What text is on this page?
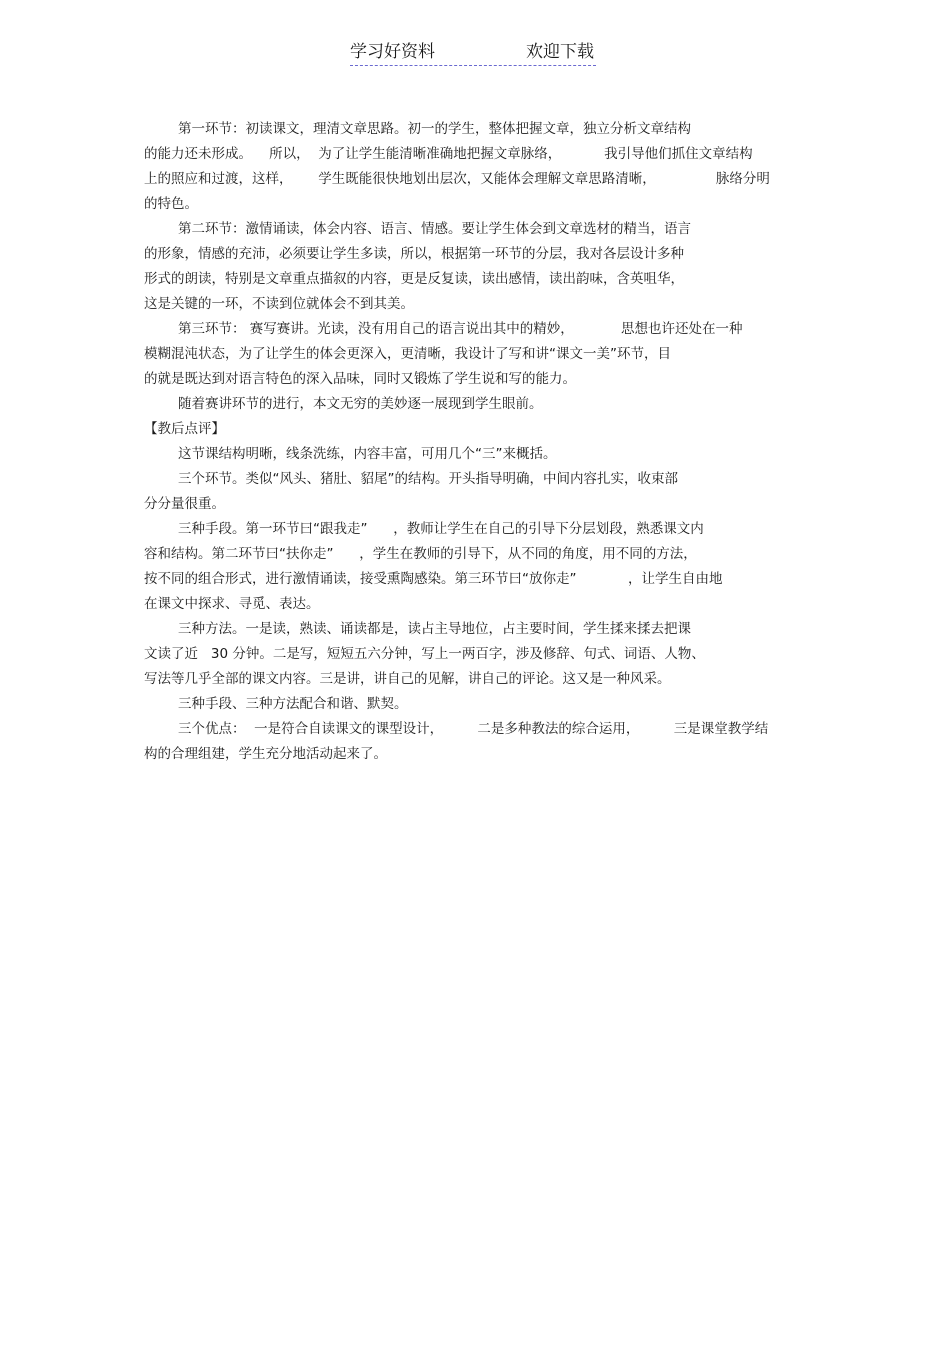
学习好资料	欢迎下载
第一环节：初读课文，理清文章思路。初一的学生，整体把握文章，独立分析文章结构
的能力还未形成。    所以，  为了让学生能清晰准确地把握文章脉络，          我引导他们抓住文章结构
上的照应和过渡，这样，      学生既能很快地划出层次，又能体会理解文章思路清晰，              脉络分明
的特色。
第二环节：激情诵读，体会内容、语言、情感。要让学生体会到文章选材的精当，语言
的形象，情感的充沛，必须要让学生多读，所以，根据第一环节的分层，我对各层设计多种
形式的朗读，特别是文章重点描叙的内容，更是反复读，读出感情，读出韵味，含英咀华，
这是关键的一环，不读到位就体会不到其美。
第三环节： 赛写赛讲。光读，没有用自己的语言说出其中的精妙，           思想也许还处在一种
模糊混沌状态，为了让学生的体会更深入，更清晰，我设计了写和讲“课文一美”环节，目
的就是既达到对语言特色的深入品味，同时又锻炼了学生说和写的能力。
随着赛讲环节的进行，本文无穷的美妙逐一展现到学生眼前。
【教后点评】
这节课结构明晰，线条洗练，内容丰富，可用几个“三”来概括。
三个环节。类似“风头、猪肚、貂尾”的结构。开头指导明确，中间内容扎实，收束部
分分量很重。
三种手段。第一环节曰“跟我走”      ，教师让学生在自己的引导下分层划段，熟悉课文内
容和结构。第二环节曰“扶你走”      ，学生在教师的引导下，从不同的角度，用不同的方法，
按不同的组合形式，进行激情诵读，接受熏陶感染。第三环节曰“放你走”            ，让学生自由地
在课文中探求、寻觅、表达。
三种方法。一是读，熟读、诵读都是，读占主导地位，占主要时间，学生揉来揉去把课
文读了近   30 分钟。二是写，短短五六分钟，写上一两百字，涉及修辞、句式、词语、人物、
写法等几乎全部的课文内容。三是讲，讲自己的见解，讲自己的评论。这又是一种风采。
三种手段、三种方法配合和谐、默契。
三个优点：  一是符合自读课文的课型设计，        二是多种教法的综合运用，        三是课堂教学结
构的合理组建，学生充分地活动起来了。
